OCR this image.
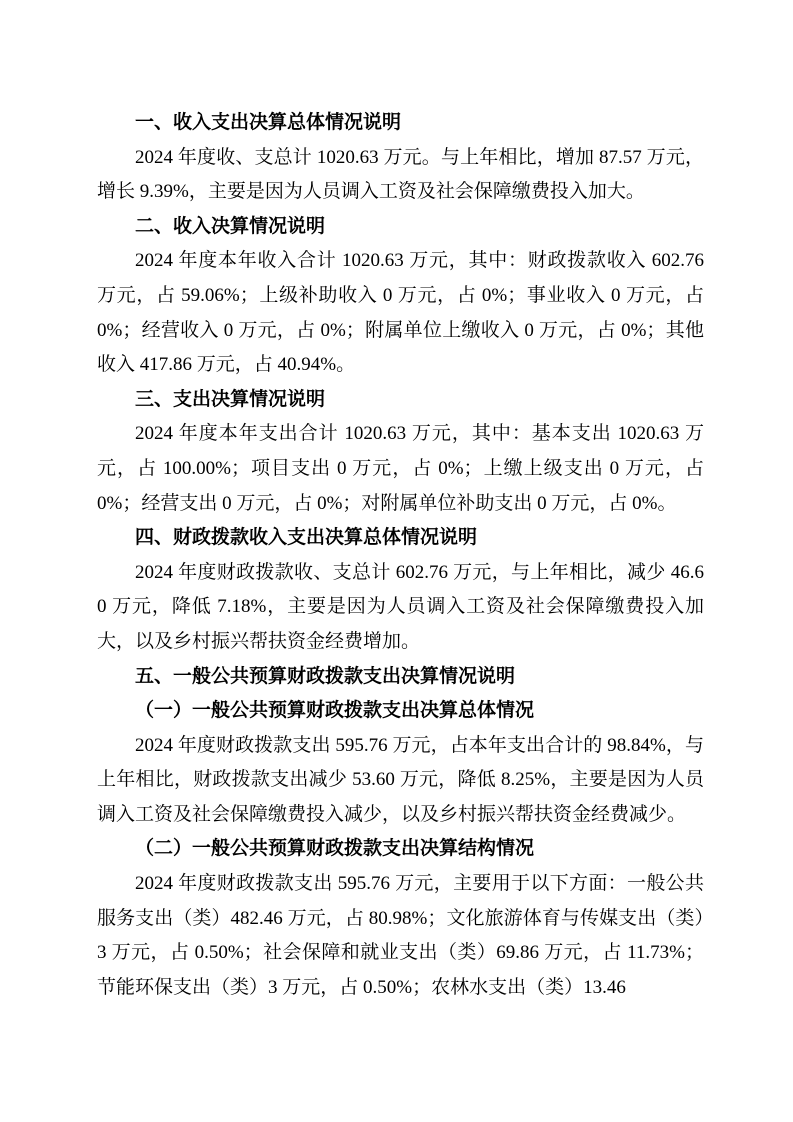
一、收入支出决算总体情况说明

2024 年度收、支总计 1020.63 万元。与上年相比，增加 87.57 万元，增长 9.39%，主要是因为人员调入工资及社会保障缴费投入加大。

二、收入决算情况说明

2024 年度本年收入合计 1020.63 万元，其中：财政拨款收入 602.76 万元，占 59.06%；上级补助收入 0 万元，占 0%；事业收入 0 万元，占 0%；经营收入 0 万元，占 0%；附属单位上缴收入 0 万元，占 0%；其他收入 417.86 万元，占 40.94%。

三、支出决算情况说明

2024 年度本年支出合计 1020.63 万元，其中：基本支出 1020.63 万元，占 100.00%；项目支出 0 万元，占 0%；上缴上级支出 0 万元，占 0%；经营支出 0 万元，占 0%；对附属单位补助支出 0 万元，占 0%。

四、财政拨款收入支出决算总体情况说明

2024 年度财政拨款收、支总计 602.76 万元，与上年相比，减少 46.60 万元，降低 7.18%，主要是因为人员调入工资及社会保障缴费投入加大，以及乡村振兴帮扶资金经费增加。

五、一般公共预算财政拨款支出决算情况说明

（一）一般公共预算财政拨款支出决算总体情况

2024 年度财政拨款支出 595.76 万元，占本年支出合计的 98.84%，与上年相比，财政拨款支出减少 53.60 万元，降低 8.25%，主要是因为人员调入工资及社会保障缴费投入减少，以及乡村振兴帮扶资金经费减少。

（二）一般公共预算财政拨款支出决算结构情况

2024 年度财政拨款支出 595.76 万元，主要用于以下方面：一般公共服务支出（类）482.46 万元，占 80.98%；文化旅游体育与传媒支出（类）3 万元，占 0.50%；社会保障和就业支出（类）69.86 万元，占 11.73%；节能环保支出（类）3 万元，占 0.50%；农林水支出（类）13.46
